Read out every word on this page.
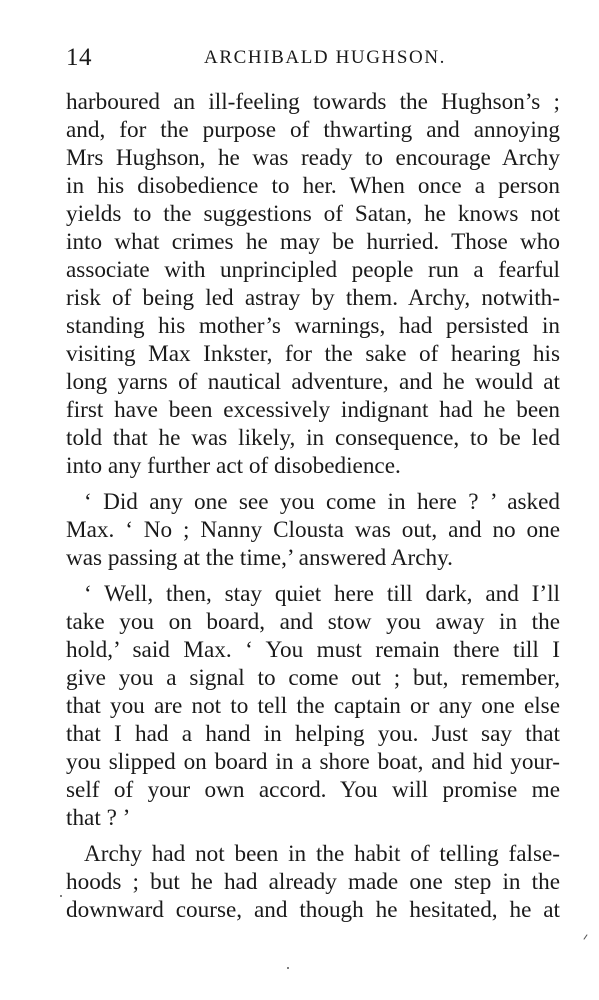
14	ARCHIBALD HUGHSON.
harboured an ill-feeling towards the Hughson’s ;
and, for the purpose of thwarting and annoying
Mrs Hughson, he was ready to encourage Archy
in his disobedience to her. When once a person
yields to the suggestions of Satan, he knows not
into what crimes he may be hurried. Those who
associate with unprincipled people run a fearful
risk of being led astray by them. Archy, notwith-
standing his mother’s warnings, had persisted in
visiting Max Inkster, for the sake of hearing his
long yarns of nautical adventure, and he would at
first have been excessively indignant had he been
told that he was likely, in consequence, to be led
into any further act of disobedience.
‘ Did any one see you come in here ? ’ asked
Max. ‘ No ; Nanny Clousta was out, and no one
was passing at the time,’ answered Archy.
‘ Well, then, stay quiet here till dark, and I’ll
take you on board, and stow you away in the
hold,’ said Max. ‘ You must remain there till I
give you a signal to come out ; but, remember,
that you are not to tell the captain or any one else
that I had a hand in helping you. Just say that
you slipped on board in a shore boat, and hid your-
self of your own accord. You will promise me
that ? ’
Archy had not been in the habit of telling false-
hoods ; but he had already made one step in the
downward course, and though he hesitated, he at
